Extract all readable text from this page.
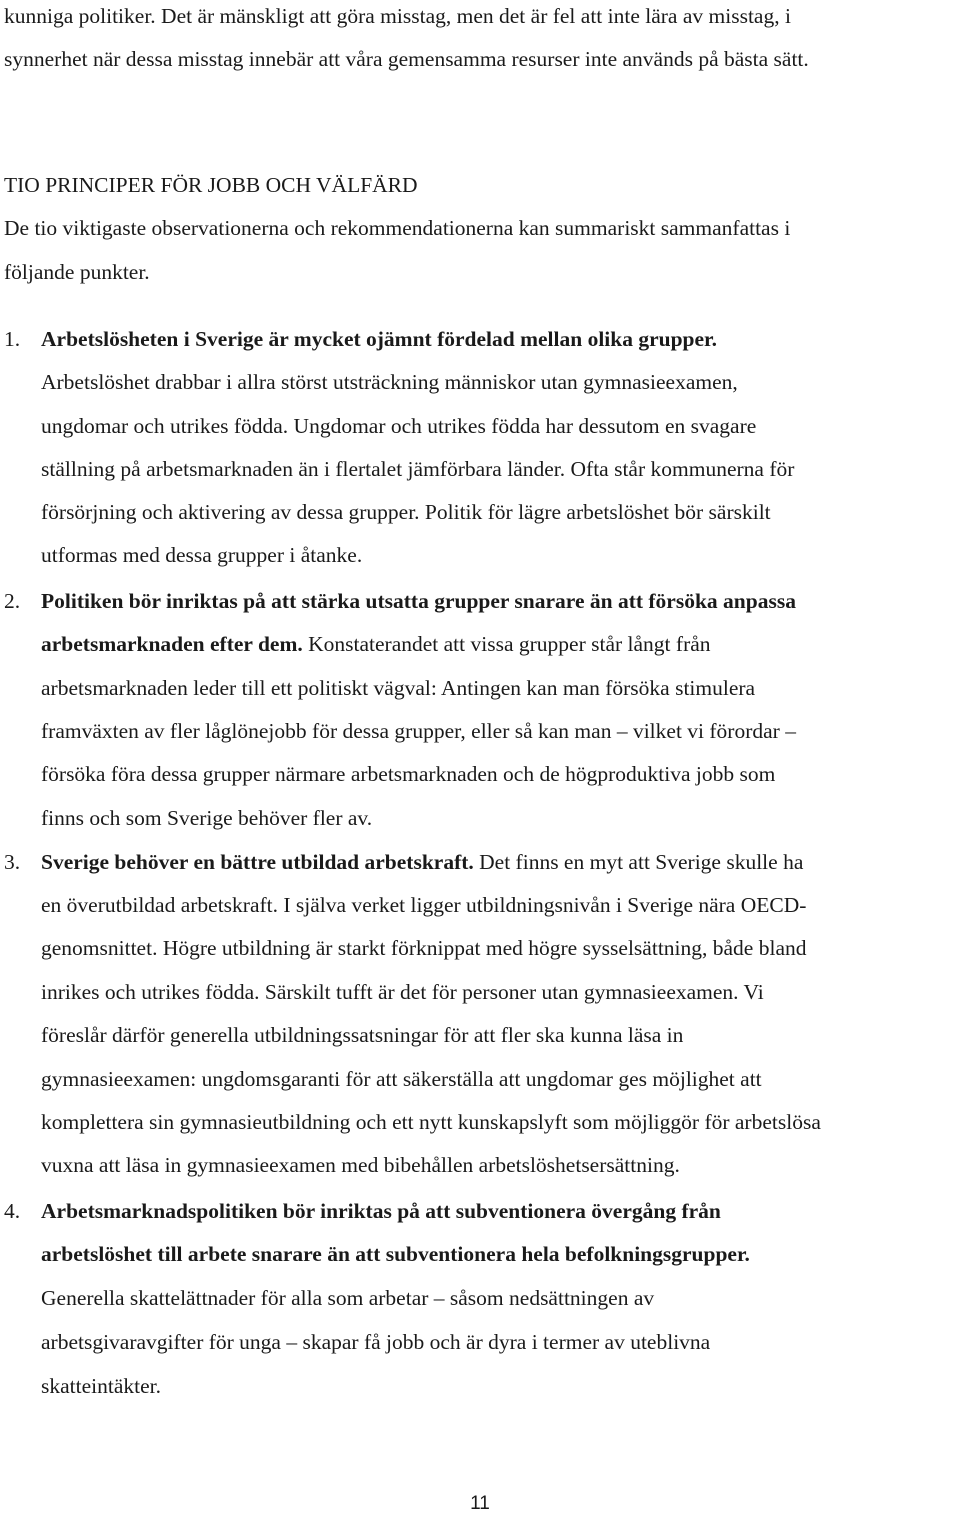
kunniga politiker. Det är mänskligt att göra misstag, men det är fel att inte lära av misstag, i
synnerhet när dessa misstag innebär att våra gemensamma resurser inte används på bästa sätt.
TIO PRINCIPER FÖR JOBB OCH VÄLFÄRD
De tio viktigaste observationerna och rekommendationerna kan summariskt sammanfattas i
följande punkter.
1. Arbetslösheten i Sverige är mycket ojämnt fördelad mellan olika grupper.
Arbetslöshet drabbar i allra störst utsträckning människor utan gymnasieexamen,
ungdomar och utrikes födda. Ungdomar och utrikes födda har dessutom en svagare
ställning på arbetsmarknaden än i flertalet jämförbara länder. Ofta står kommunerna för
försörjning och aktivering av dessa grupper. Politik för lägre arbetslöshet bör särskilt
utformas med dessa grupper i åtanke.
2. Politiken bör inriktas på att stärka utsatta grupper snarare än att försöka anpassa
arbetsmarknaden efter dem. Konstaterandet att vissa grupper står långt från
arbetsmarknaden leder till ett politiskt vägval: Antingen kan man försöka stimulera
framväxten av fler låglönejobb för dessa grupper, eller så kan man – vilket vi förordar –
försöka föra dessa grupper närmare arbetsmarknaden och de högproduktiva jobb som
finns och som Sverige behöver fler av.
3. Sverige behöver en bättre utbildad arbetskraft. Det finns en myt att Sverige skulle ha
en överutbildad arbetskraft. I själva verket ligger utbildningsnivån i Sverige nära OECD-
genomsnittet. Högre utbildning är starkt förknippat med högre sysselsättning, både bland
inrikes och utrikes födda. Särskilt tufft är det för personer utan gymnasieexamen. Vi
föreslår därför generella utbildningssatsningar för att fler ska kunna läsa in
gymnasieexamen: ungdomsgaranti för att säkerställa att ungdomar ges möjlighet att
komplettera sin gymnasieutbildning och ett nytt kunskapslyft som möjliggör för arbetslösa
vuxna att läsa in gymnasieexamen med bibehållen arbetslöshetsersättning.
4. Arbetsmarknadspolitiken bör inriktas på att subventionera övergång från
arbetslöshet till arbete snarare än att subventionera hela befolkningsgrupper.
Generella skattelättnader för alla som arbetar – såsom nedsättningen av
arbetsgivaravgifter för unga – skapar få jobb och är dyra i termer av uteblivna
skatteintäkter.
11
